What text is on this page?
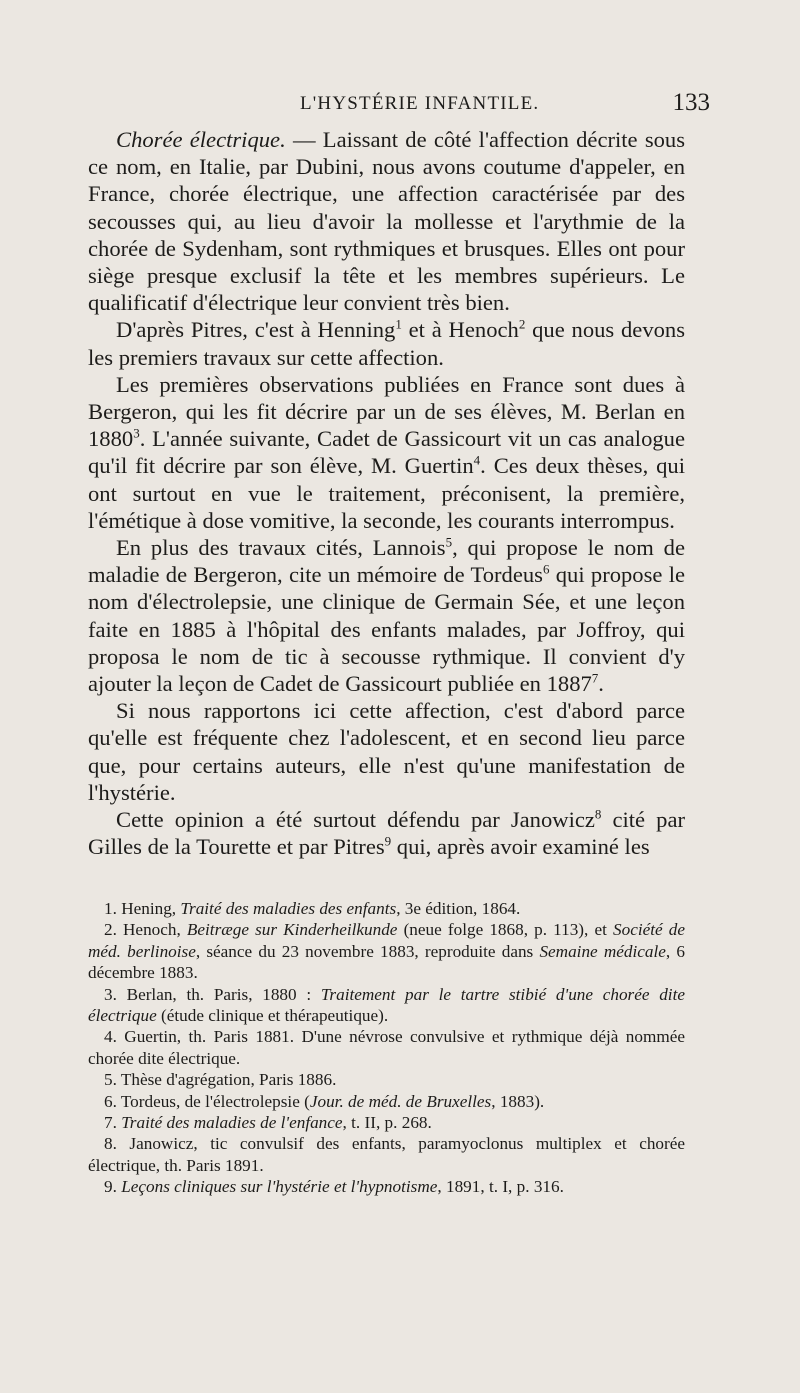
L'HYSTÉRIE INFANTILE.	133

Chorée électrique. — Laissant de côté l'affection décrite sous ce nom, en Italie, par Dubini, nous avons coutume d'appeler, en France, chorée électrique, une affection caractérisée par des secousses qui, au lieu d'avoir la mollesse et l'arythmie de la chorée de Sydenham, sont rythmiques et brusques. Elles ont pour siège presque exclusif la tête et les membres supérieurs. Le qualificatif d'électrique leur convient très bien.

D'après Pitres, c'est à Henning$^1$ et à Henoch$^2$ que nous devons les premiers travaux sur cette affection.

Les premières observations publiées en France sont dues à Bergeron, qui les fit décrire par un de ses élèves, M. Berlan en 1880$^3$. L'année suivante, Cadet de Gassicourt vit un cas analogue qu'il fit décrire par son élève, M. Guertin$^4$. Ces deux thèses, qui ont surtout en vue le traitement, préconisent, la première, l'émétique à dose vomitive, la seconde, les courants interrompus.

En plus des travaux cités, Lannois$^5$, qui propose le nom de maladie de Bergeron, cite un mémoire de Tordeus$^6$ qui propose le nom d'électrolepsie, une clinique de Germain Sée, et une leçon faite en 1885 à l'hôpital des enfants malades, par Joffroy, qui proposa le nom de tic à secousse rythmique. Il convient d'y ajouter la leçon de Cadet de Gassicourt publiée en 1887$^7$.

Si nous rapportons ici cette affection, c'est d'abord parce qu'elle est fréquente chez l'adolescent, et en second lieu parce que, pour certains auteurs, elle n'est qu'une manifestation de l'hystérie.

Cette opinion a été surtout défendu par Janowicz$^8$ cité par Gilles de la Tourette et par Pitres$^9$ qui, après avoir examiné les

1. Hening, Traité des maladies des enfants, 3e édition, 1864.

2. Henoch, Beitræge sur Kinderheilkunde (neue folge 1868, p. 113), et Société de méd. berlinoise, séance du 23 novembre 1883, reproduite dans Semaine médicale, 6 décembre 1883.

3. Berlan, th. Paris, 1880 : Traitement par le tartre stibié d'une chorée dite électrique (étude clinique et thérapeutique).

4. Guertin, th. Paris 1881. D'une névrose convulsive et rythmique déjà nommée chorée dite électrique.

5. Thèse d'agrégation, Paris 1886.

6. Tordeus, de l'électrolepsie (Jour. de méd. de Bruxelles, 1883).

7. Traité des maladies de l'enfance, t. II, p. 268.

8. Janowicz, tic convulsif des enfants, paramyoclonus multiplex et chorée électrique, th. Paris 1891.

9. Leçons cliniques sur l'hystérie et l'hypnotisme, 1891, t. I, p. 316.
